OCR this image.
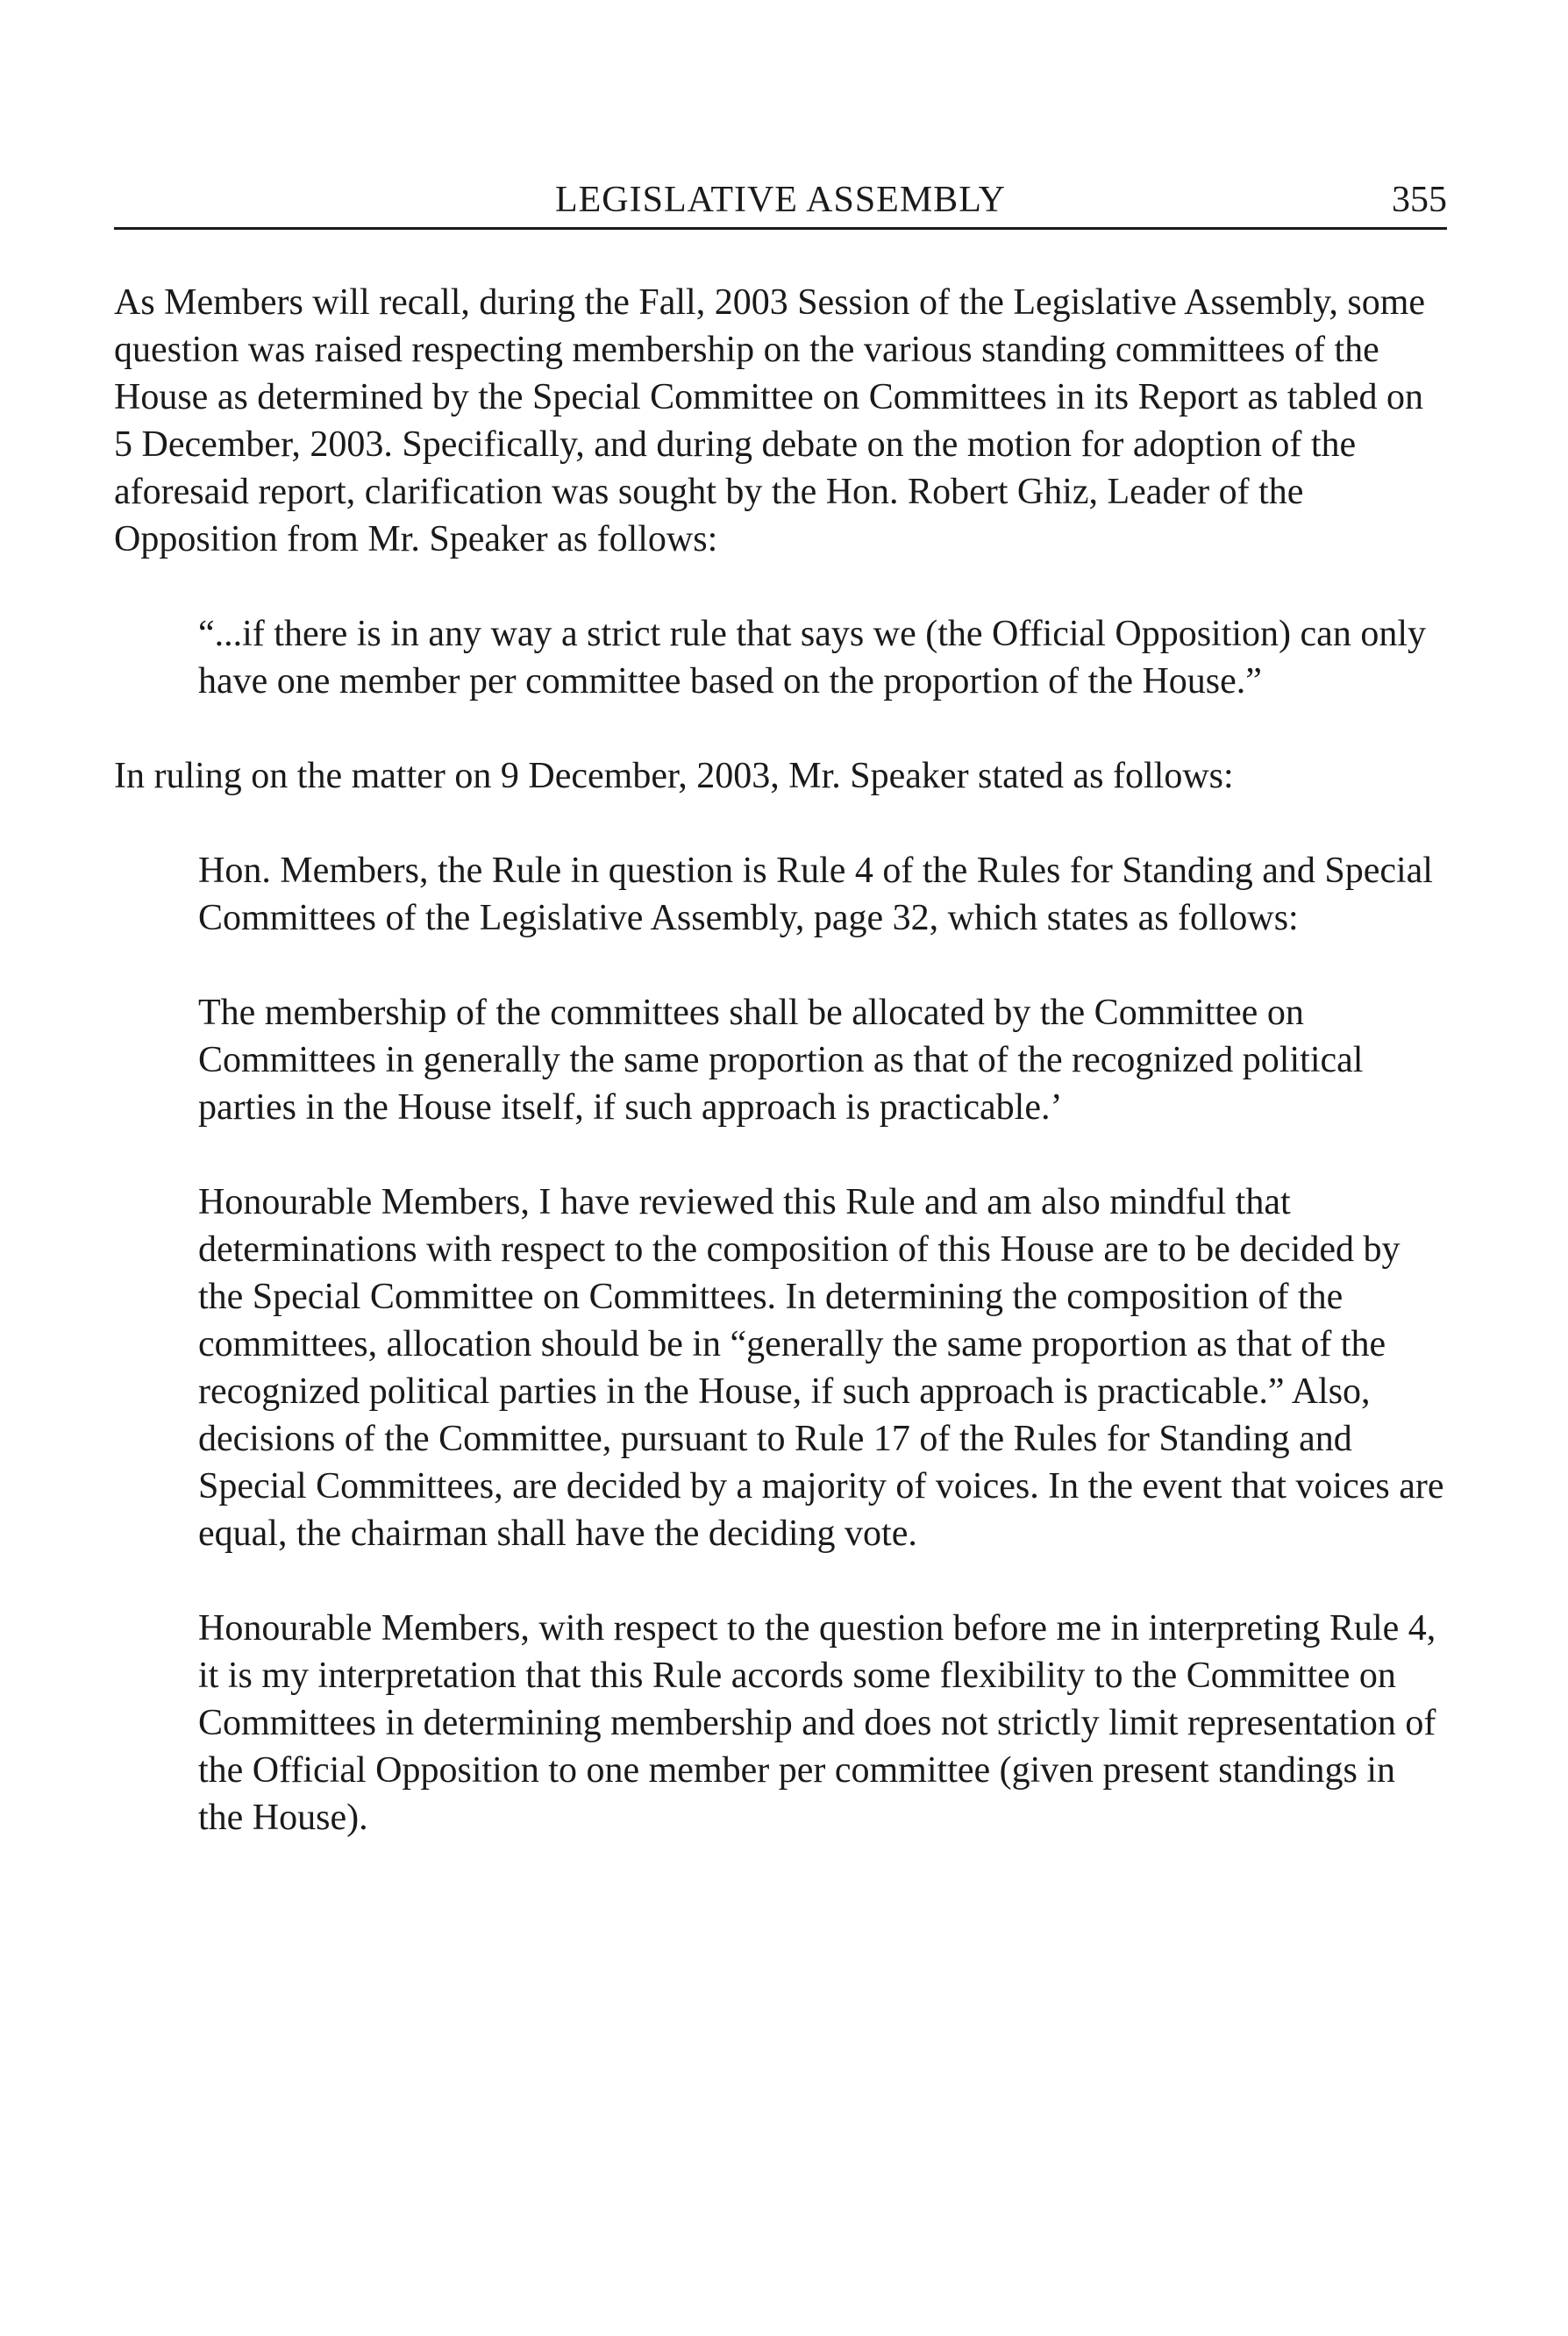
LEGISLATIVE ASSEMBLY	355

As Members will recall, during the Fall, 2003 Session of the Legislative Assembly, some question was raised respecting membership on the various standing committees of the House as determined by the Special Committee on Committees in its Report as tabled on 5 December, 2003. Specifically, and during debate on the motion for adoption of the aforesaid report, clarification was sought by the Hon. Robert Ghiz, Leader of the Opposition from Mr. Speaker as follows:

“...if there is in any way a strict rule that says we (the Official Opposition) can only have one member per committee based on the proportion of the House.”

In ruling on the matter on 9 December, 2003, Mr. Speaker stated as follows:

Hon. Members, the Rule in question is Rule 4 of the Rules for Standing and Special Committees of the Legislative Assembly, page 32, which states as follows:

The membership of the committees shall be allocated by the Committee on Committees in generally the same proportion as that of the recognized political parties in the House itself, if such approach is practicable.’

Honourable Members, I have reviewed this Rule and am also mindful that determinations with respect to the composition of this House are to be decided by the Special Committee on Committees. In determining the composition of the committees, allocation should be in “generally the same proportion as that of the recognized political parties in the House, if such approach is practicable.” Also, decisions of the Committee, pursuant to Rule 17 of the Rules for Standing and Special Committees, are decided by a majority of voices. In the event that voices are equal, the chairman shall have the deciding vote.

Honourable Members, with respect to the question before me in interpreting Rule 4, it is my interpretation that this Rule accords some flexibility to the Committee on Committees in determining membership and does not strictly limit representation of the Official Opposition to one member per committee (given present standings in the House).
